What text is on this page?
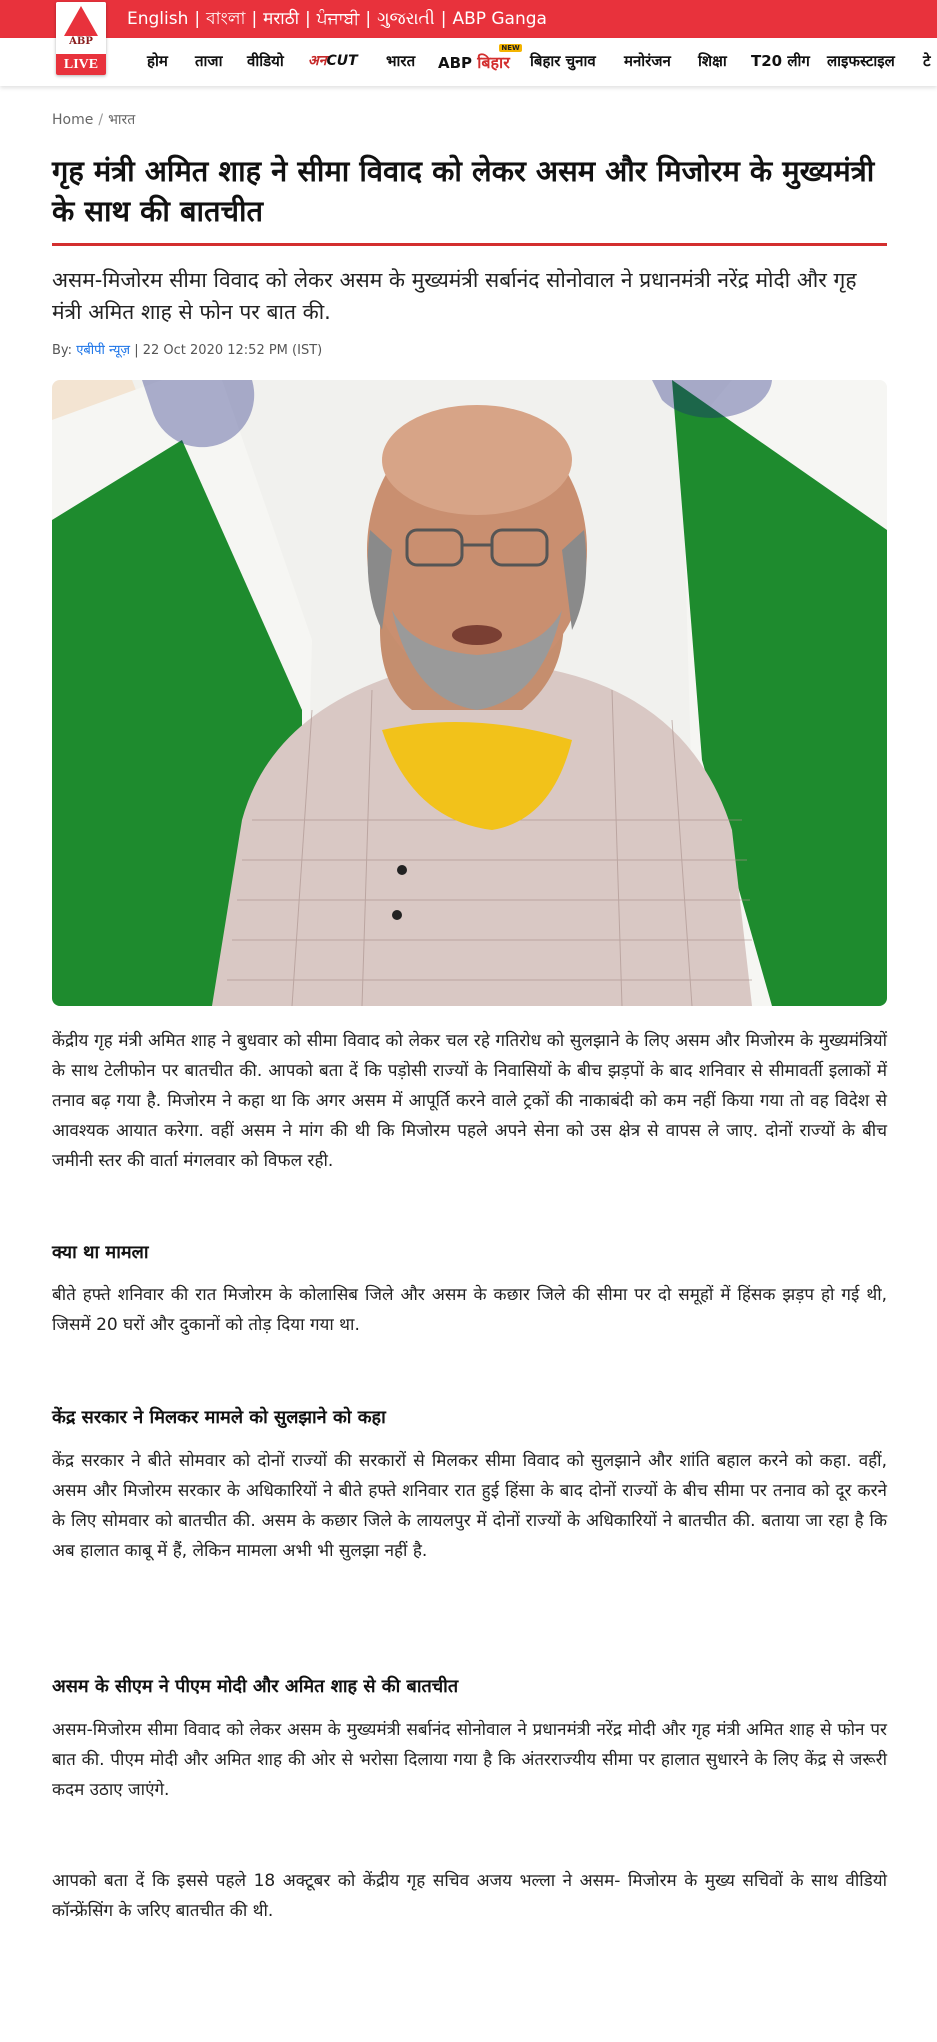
English | বাংলা | मराठी | ਪੰਜਾਬੀ | ગુજરાતી | ABP Ganga
ABP
LIVE	होम ताजा वीडियो अनCUT भारत ABP बिहार
NEW
बिहार चुनाव मनोरंजन शिक्षा T20 लीग लाइफस्टाइल टे
Home / भारत
गृह मंत्री अमित शाह ने सीमा विवाद को लेकर असम और मिजोरम के मुख्यमंत्री के साथ की बातचीत

असम-मिजोरम सीमा विवाद को लेकर असम के मुख्यमंत्री सर्बानंद सोनोवाल ने प्रधानमंत्री नरेंद्र मोदी और गृह मंत्री अमित शाह से फोन पर बात की.

By: एबीपी न्यूज़ | 22 Oct 2020 12:52 PM (IST)

केंद्रीय गृह मंत्री अमित शाह ने बुधवार को सीमा विवाद को लेकर चल रहे गतिरोध को सुलझाने के लिए असम और मिजोरम के मुख्यमंत्रियों के साथ टेलीफोन पर बातचीत की. आपको बता दें कि पड़ोसी राज्यों के निवासियों के बीच झड़पों के बाद शनिवार से सीमावर्ती इलाकों में तनाव बढ़ गया है. मिजोरम ने कहा था कि अगर असम में आपूर्ति करने वाले ट्रकों की नाकाबंदी को कम नहीं किया गया तो वह विदेश से आवश्यक आयात करेगा. वहीं असम ने मांग की थी कि मिजोरम पहले अपने सेना को उस क्षेत्र से वापस ले जाए. दोनों राज्यों के बीच जमीनी स्तर की वार्ता मंगलवार को विफल रही.

क्या था मामला

बीते हफ्ते शनिवार की रात मिजोरम के कोलासिब जिले और असम के कछार जिले की सीमा पर दो समूहों में हिंसक झड़प हो गई थी, जिसमें 20 घरों और दुकानों को तोड़ दिया गया था.

केंद्र सरकार ने मिलकर मामले को सुलझाने को कहा

केंद्र सरकार ने बीते सोमवार को दोनों राज्यों की सरकारों से मिलकर सीमा विवाद को सुलझाने और शांति बहाल करने को कहा. वहीं, असम और मिजोरम सरकार के अधिकारियों ने बीते हफ्ते शनिवार रात हुई हिंसा के बाद दोनों राज्यों के बीच सीमा पर तनाव को दूर करने के लिए सोमवार को बातचीत की. असम के कछार जिले के लायलपुर में दोनों राज्यों के अधिकारियों ने बातचीत की. बताया जा रहा है कि अब हालात काबू में हैं, लेकिन मामला अभी भी सुलझा नहीं है.

असम के सीएम ने पीएम मोदी और अमित शाह से की बातचीत

असम-मिजोरम सीमा विवाद को लेकर असम के मुख्यमंत्री सर्बानंद सोनोवाल ने प्रधानमंत्री नरेंद्र मोदी और गृह मंत्री अमित शाह से फोन पर बात की. पीएम मोदी और अमित शाह की ओर से भरोसा दिलाया गया है कि अंतरराज्यीय सीमा पर हालात सुधारने के लिए केंद्र से जरूरी कदम उठाए जाएंगे.

आपको बता दें कि इससे पहले 18 अक्टूबर को केंद्रीय गृह सचिव अजय भल्ला ने असम- मिजोरम के मुख्य सचिवों के साथ वीडियो कॉन्फ्रेंसिंग के जरिए बातचीत की थी.
